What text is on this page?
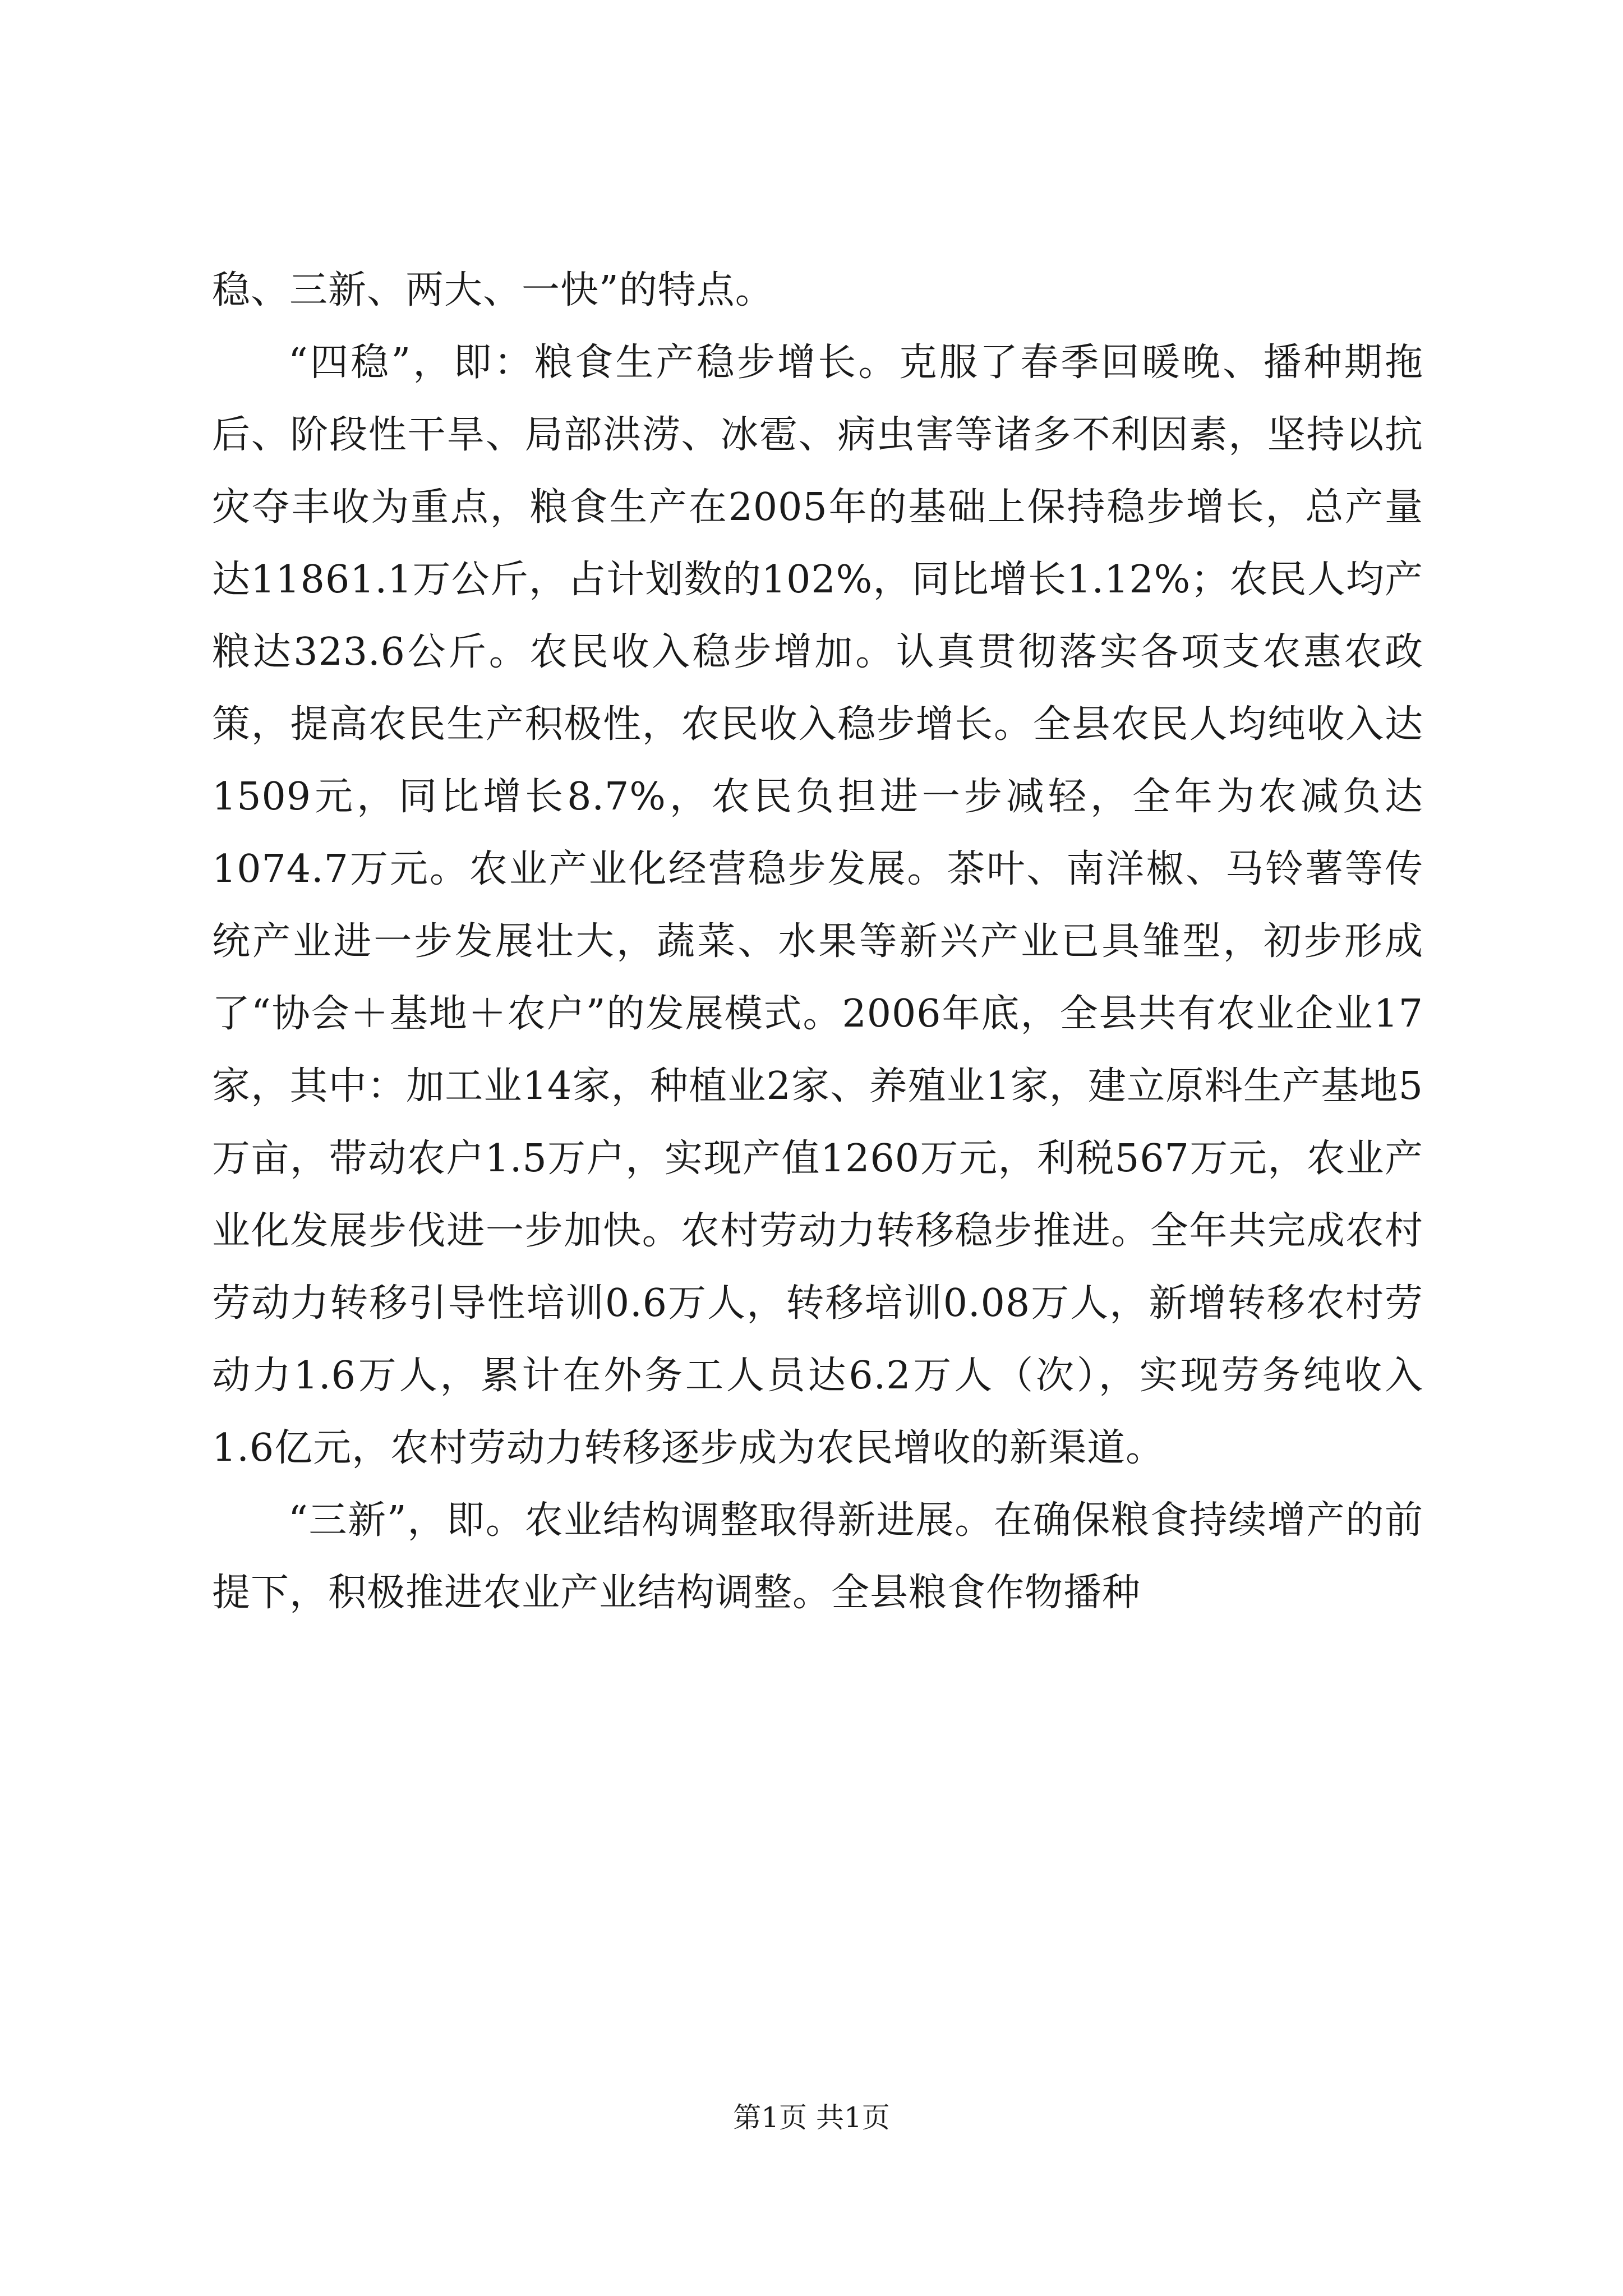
稳、三新、两大、一快”的特点。

“四稳”，即：粮食生产稳步增长。克服了春季回暖晚、播种期拖后、阶段性干旱、局部洪涝、冰雹、病虫害等诸多不利因素，坚持以抗灾夺丰收为重点，粮食生产在2005年的基础上保持稳步增长，总产量达11861.1万公斤，占计划数的102%，同比增长1.12%；农民人均产粮达323.6公斤。农民收入稳步增加。认真贯彻落实各项支农惠农政策，提高农民生产积极性，农民收入稳步增长。全县农民人均纯收入达1509元，同比增长8.7%，农民负担进一步减轻，全年为农减负达1074.7万元。农业产业化经营稳步发展。茶叶、南洋椒、马铃薯等传统产业进一步发展壮大，蔬菜、水果等新兴产业已具雏型，初步形成了“协会＋基地＋农户”的发展模式。2006年底，全县共有农业企业17家，其中：加工业14家，种植业2家、养殖业1家，建立原料生产基地5万亩，带动农户1.5万户，实现产值1260万元，利税567万元，农业产业化发展步伐进一步加快。农村劳动力转移稳步推进。全年共完成农村劳动力转移引导性培训0.6万人，转移培训0.08万人，新增转移农村劳动力1.6万人，累计在外务工人员达6.2万人（次），实现劳务纯收入1.6亿元，农村劳动力转移逐步成为农民增收的新渠道。

“三新”，即。农业结构调整取得新进展。在确保粮食持续增产的前提下，积极推进农业产业结构调整。全县粮食作物播种

第1页 共1页
